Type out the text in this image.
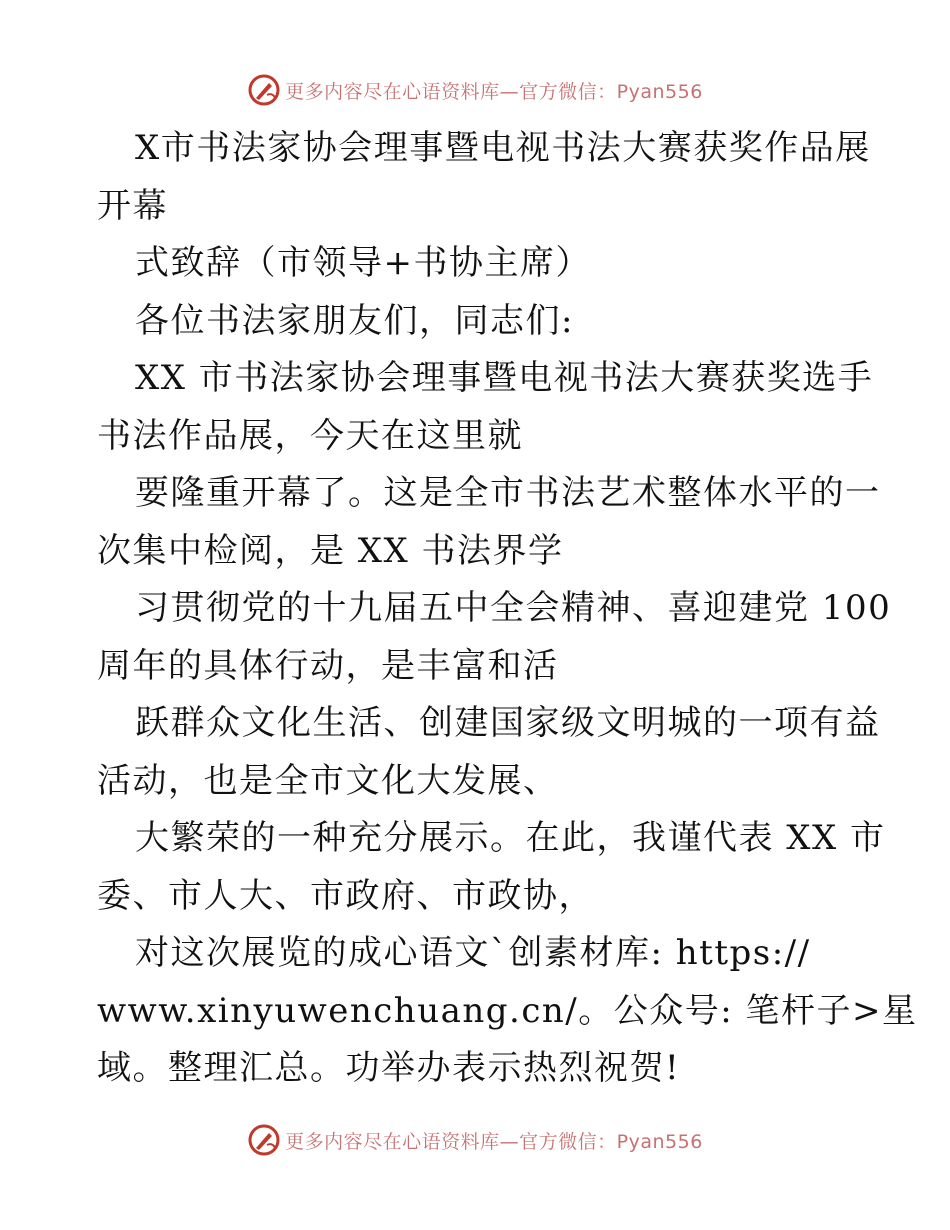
更多内容尽在心语资料库—官方微信：Pyan556
X市书法家协会理事暨电视书法大赛获奖作品展
开幕
式致辞（市领导+书协主席）
各位书法家朋友们，同志们:
XX 市书法家协会理事暨电视书法大赛获奖选手
书法作品展，今天在这里就
要隆重开幕了。这是全市书法艺术整体水平的一
次集中检阅，是 XX 书法界学
习贯彻党的十九届五中全会精神、喜迎建党 100
周年的具体行动，是丰富和活
跃群众文化生活、创建国家级文明城的一项有益
活动，也是全市文化大发展、
大繁荣的一种充分展示。在此，我谨代表 XX 市
委、市人大、市政府、市政协，
对这次展览的成心语文`创素材库: https://
www.xinyuwenchuang.cn/。公众号: 笔杆子>星
域。整理汇总。功举办表示热烈祝贺!
更多内容尽在心语资料库—官方微信：Pyan556
